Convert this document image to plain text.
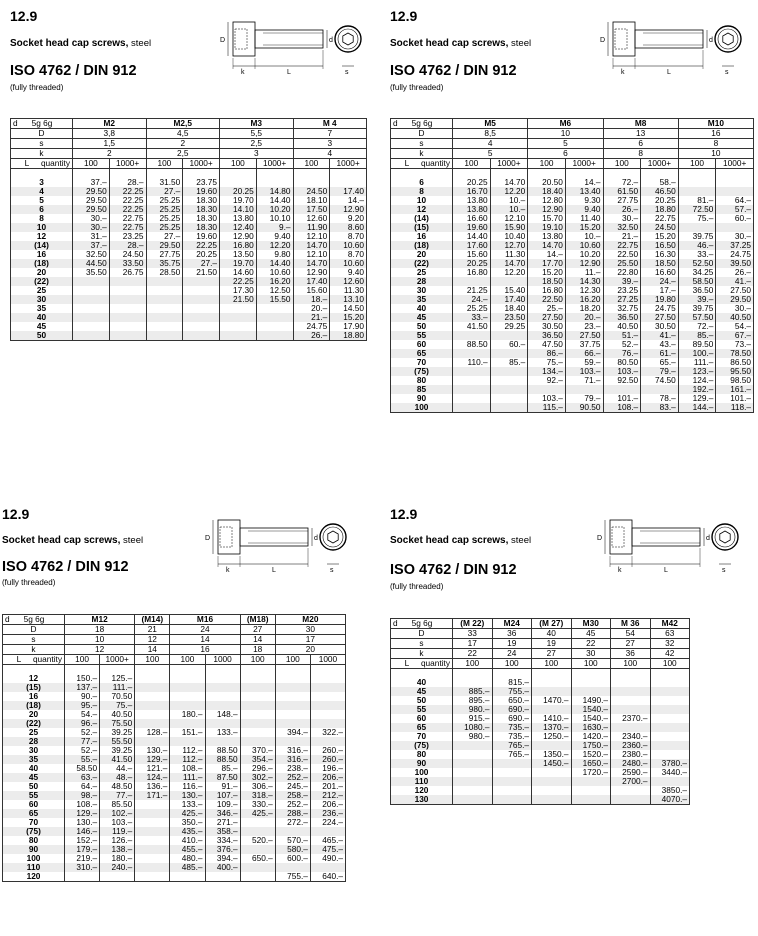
12.9
Socket head cap screws, steel
ISO 4762 / DIN 912
(fully threaded)
D	d
k	L	s
d 5g 6g	M2		M2,5		M3		M 4	
D	3,8		4,5		5,5		7	
s	1,5		2		2,5		3	
k	2		2,5		3		4	
L quantity	100	1000+	100	1000+	100	1000+	100	1000+

3	37.–	28.–	31.50	23.75				
4	29.50	22.25	27.–	19.60	20.25	14.80	24.50	17.40
5	29.50	22.25	25.25	18.30	19.70	14.40	18.10	14.–
6	29.50	22.25	25.25	18.30	14.10	10.20	17.50	12.90
8	30.–	22.75	25.25	18.30	13.80	10.10	12.60	9.20
10	30.–	22.75	25.25	18.30	12.40	9.–	11.90	8.60
12	31.–	23.25	27.–	19.60	12.90	9.40	12.10	8.70
(14)	37.–	28.–	29.50	22.25	16.80	12.20	14.70	10.60
16	32.50	24.50	27.75	20.25	13.50	9.80	12.10	8.70
(18)	44.50	33.50	35.75	27.–	19.70	14.40	14.70	10.60
20	35.50	26.75	28.50	21.50	14.60	10.60	12.90	9.40
(22)					22.25	16.20	17.40	12.60
25					17.30	12.50	15.60	11.30
30					21.50	15.50	18.–	13.10
35							20.–	14.50
40							21.–	15.20
45							24.75	17.90
50							26.–	18.80
12.9
Socket head cap screws, steel
ISO 4762 / DIN 912
(fully threaded)
D	d
k	L	s
d 5g 6g	M5		M6		M8		M10	
D	8,5		10		13		16	
s	4		5		6		8	
k	5		6		8		10	
L quantity	100	1000+	100	1000+	100	1000+	100	1000+

6	20.25	14.70	20.50	14.–	72.–	58.–		
8	16.70	12.20	18.40	13.40	61.50	46.50		
10	13.80	10.–	12.80	9.30	27.75	20.25	81.–	64.–
12	13.80	10.–	12.90	9.40	26.–	18.80	72.50	57.–
(14)	16.60	12.10	15.70	11.40	30.–	22.75	75.–	60.–
(15)	19.60	15.90	19.10	15.20	32.50	24.50		
16	14.40	10.40	13.80	10.–	21.–	15.20	39.75	30.–
(18)	17.60	12.70	14.70	10.60	22.75	16.50	46.–	37.25
20	15.60	11.30	14.–	10.20	22.50	16.30	33.–	24.75
(22)	20.25	14.70	17.70	12.90	25.50	18.50	52.50	39.50
25	16.80	12.20	15.20	11.–	22.80	16.60	34.25	26.–
28			18.50	14.30	39.–	24.–	58.50	41.–
30	21.25	15.40	16.80	12.30	23.25	17.–	36.50	27.50
35	24.–	17.40	22.50	16.20	27.25	19.80	39.–	29.50
40	25.25	18.40	25.–	18.20	32.75	24.75	39.75	30.–
45	33.–	23.50	27.50	20.–	36.50	27.50	57.50	40.50
50	41.50	29.25	30.50	23.–	40.50	30.50	72.–	54.–
55			36.50	27.50	51.–	41.–	85.–	67.–
60	88.50	60.–	47.50	37.75	52.–	43.–	89.50	73.–
65			86.–	66.–	76.–	61.–	100.–	78.50
70	110.–	85.–	75.–	59.–	80.50	65.–	111.–	86.50
(75)			134.–	103.–	103.–	79.–	123.–	95.50
80			92.–	71.–	92.50	74.50	124.–	98.50
85							192.–	161.–
90			103.–	79.–	101.–	78.–	129.–	101.–
100			115.–	90.50	108.–	83.–	144.–	118.–
12.9
Socket head cap screws, steel
ISO 4762 / DIN 912
(fully threaded)
D	d
k	L	s
d 5g 6g	M12		(M14)	M16		(M18)	M20	
D	18		21	24		27	30	
s	10		12	14		14	17	
k	12		14	16		18	20	
L quantity	100	1000+	100	100	1000	100	100	1000

12	150.–	125.–						
(15)	137.–	111.–						
16	90.–	70.50						
(18)	95.–	75.–						
20	54.–	40.50		180.–	148.–			
(22)	96.–	75.50						
25	52.–	39.25	128.–	151.–	133.–		394.–	322.–
28	77.–	55.50						
30	52.–	39.25	130.–	112.–	88.50	370.–	316.–	260.–
35	55.–	41.50	129.–	112.–	88.50	354.–	316.–	260.–
40	58.50	44.–	121.–	108.–	85.–	296.–	238.–	196.–
45	63.–	48.–	124.–	111.–	87.50	302.–	252.–	206.–
50	64.–	48.50	136.–	116.–	91.–	306.–	245.–	201.–
55	98.–	77.–	171.–	130.–	107.–	318.–	258.–	212.–
60	108.–	85.50		133.–	109.–	330.–	252.–	206.–
65	129.–	102.–		425.–	346.–	425.–	288.–	236.–
70	130.–	103.–		350.–	271.–		272.–	224.–
(75)	146.–	119.–		435.–	358.–			
80	152.–	126.–		410.–	334.–	520.–	570.–	465.–
90	179.–	138.–		455.–	376.–		580.–	475.–
100	219.–	180.–		480.–	394.–	650.–	600.–	490.–
110	310.–	240.–		485.–	400.–			
120							755.–	640.–
12.9
Socket head cap screws, steel
ISO 4762 / DIN 912
(fully threaded)
D	d
k	L	s
d 5g 6g	(M 22)	M24	(M 27)	M30	M 36	M42
D	33	36	40	45	54	63
s	17	19	19	22	27	32
k	22	24	27	30	36	42
L quantity	100	100	100	100	100	100

40		815.–				
45	885.–	755.–				
50	895.–	650.–	1470.–	1490.–		
55	980.–	690.–		1540.–		
60	915.–	690.–	1410.–	1540.–	2370.–	
65	1080.–	735.–	1370.–	1630.–		
70	980.–	735.–	1250.–	1420.–	2340.–	
(75)		765.–		1750.–	2360.–	
80		765.–	1350.–	1520.–	2380.–	
90			1450.–	1650.–	2480.–	3780.–
100				1720.–	2590.–	3440.–
110					2700.–	
120						3850.–
130						4070.–
